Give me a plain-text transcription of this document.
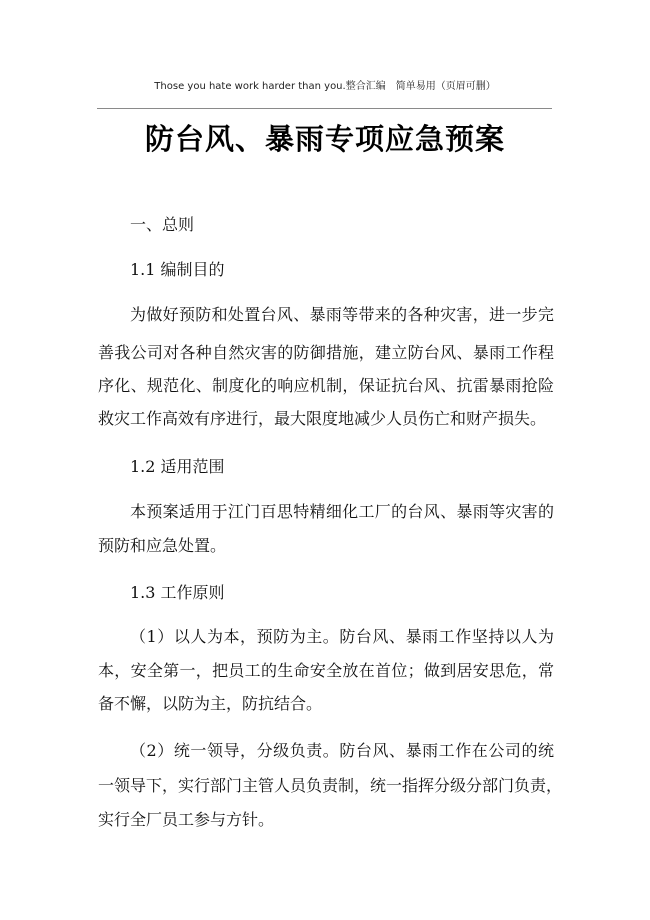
Those you hate work harder than you.整合汇编 简单易用（页眉可删）
防台风、暴雨专项应急预案
一、总则
1.1 编制目的
为做好预防和处置台风、暴雨等带来的各种灾害，进一步完
善我公司对各种自然灾害的防御措施，建立防台风、暴雨工作程
序化、规范化、制度化的响应机制，保证抗台风、抗雷暴雨抢险
救灾工作高效有序进行，最大限度地减少人员伤亡和财产损失。
1.2 适用范围
本预案适用于江门百思特精细化工厂的台风、暴雨等灾害的
预防和应急处置。
1.3 工作原则
（1）以人为本，预防为主。防台风、暴雨工作坚持以人为
本，安全第一，把员工的生命安全放在首位；做到居安思危，常
备不懈，以防为主，防抗结合。
（2）统一领导，分级负责。防台风、暴雨工作在公司的统
一领导下，实行部门主管人员负责制，统一指挥分级分部门负责，
实行全厂员工参与方针。
